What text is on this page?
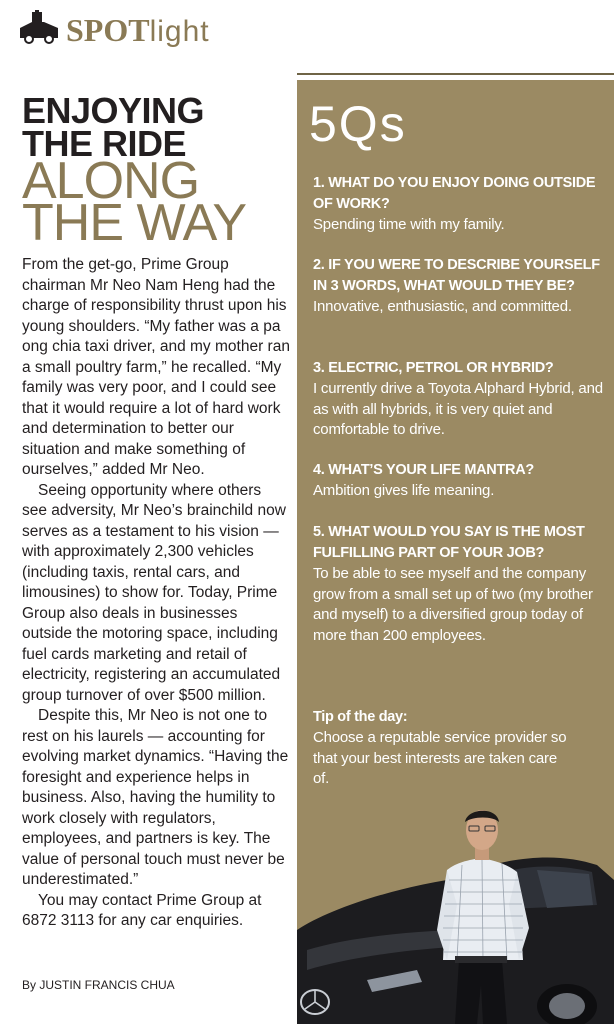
SPOTlight
ENJOYING
THE RIDE
ALONG
THE WAY

From the get-go, Prime Group chairman Mr Neo Nam Heng had the charge of responsibility thrust upon his young shoulders. “My father was a pa ong chia taxi driver, and my mother ran a small poultry farm,” he recalled. “My family was very poor, and I could see that it would require a lot of hard work and determination to better our situation and make something of ourselves,” added Mr Neo.

Seeing opportunity where others see adversity, Mr Neo’s brainchild now serves as a testament to his vision — with approximately 2,300 vehicles (including taxis, rental cars, and limousines) to show for. Today, Prime Group also deals in businesses outside the motoring space, including fuel cards marketing and retail of electricity, registering an accumulated group turnover of over $500 million.

Despite this, Mr Neo is not one to rest on his laurels — accounting for evolving market dynamics. “Having the foresight and experience helps in business. Also, having the humility to work closely with regulators, employees, and partners is key. The value of personal touch must never be underestimated.”

You may contact Prime Group at 6872 3113 for any car enquiries.

By JUSTIN FRANCIS CHUA
5Qs
1. WHAT DO YOU ENJOY DOING OUTSIDE OF WORK?
Spending time with my family.
2. IF YOU WERE TO DESCRIBE YOURSELF IN 3 WORDS, WHAT WOULD THEY BE?
Innovative, enthusiastic, and committed.
3. ELECTRIC, PETROL OR HYBRID?
I currently drive a Toyota Alphard Hybrid, and as with all hybrids, it is very quiet and comfortable to drive.
4. WHAT’S YOUR LIFE MANTRA?
Ambition gives life meaning.
5. WHAT WOULD YOU SAY IS THE MOST FULFILLING PART OF YOUR JOB?
To be able to see myself and the company grow from a small set up of two (my brother and myself) to a diversified group today of more than 200 employees.
Tip of the day:
Choose a reputable service provider so that your best interests are taken care of.
